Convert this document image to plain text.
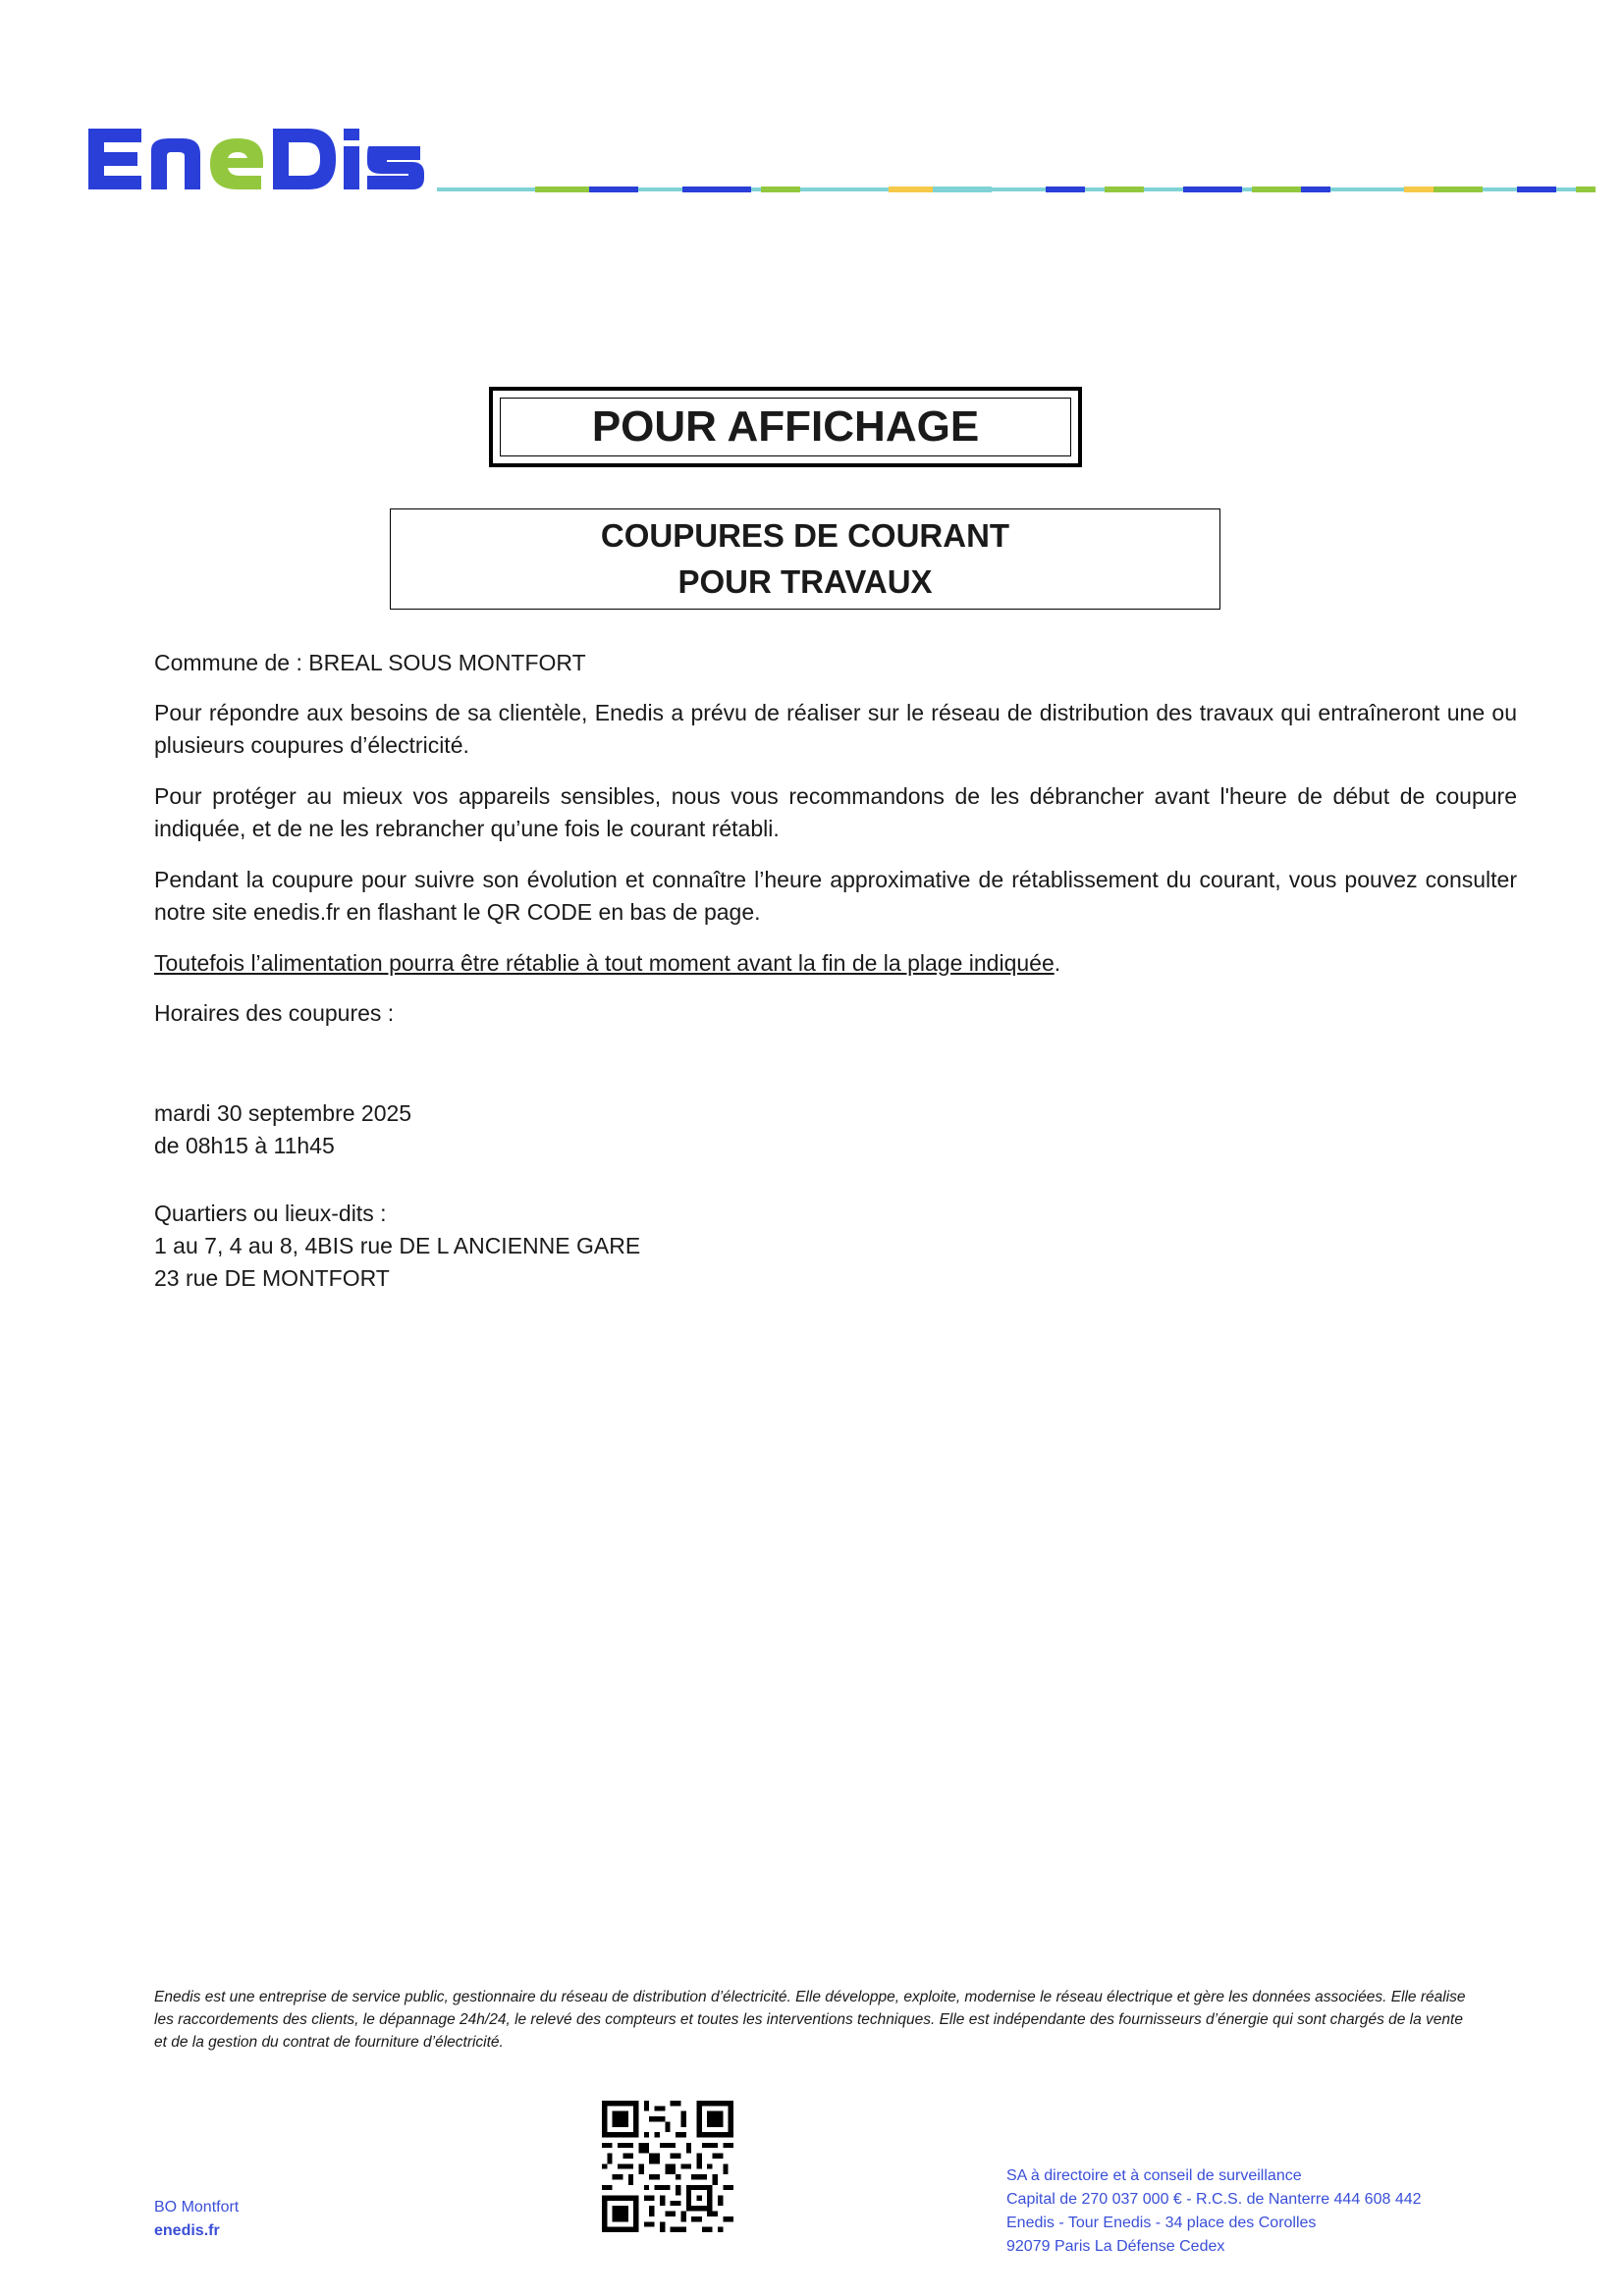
POUR AFFICHAGE
COUPURES DE COURANT
POUR TRAVAUX
Commune de : BREAL SOUS MONTFORT
Pour répondre aux besoins de sa clientèle, Enedis a prévu de réaliser sur le réseau de distribution des travaux qui entraîneront une ou plusieurs coupures d’électricité.
Pour protéger au mieux vos appareils sensibles, nous vous recommandons de les débrancher avant l'heure de début de coupure indiquée, et de ne les rebrancher qu’une fois le courant rétabli.
Pendant la coupure pour suivre son évolution et connaître l’heure approximative de rétablissement du courant, vous pouvez consulter notre site enedis.fr en flashant le QR CODE en bas de page.
Toutefois l’alimentation pourra être rétablie à tout moment avant la fin de la plage indiquée.
Horaires des coupures :
mardi 30 septembre 2025
de 08h15 à 11h45
Quartiers ou lieux-dits :
1 au 7, 4 au 8, 4BIS rue DE L ANCIENNE GARE
23 rue DE MONTFORT
Enedis est une entreprise de service public, gestionnaire du réseau de distribution d’électricité. Elle développe, exploite, modernise le réseau électrique et gère les données associées. Elle réalise les raccordements des clients, le dépannage 24h/24, le relevé des compteurs et toutes les interventions techniques. Elle est indépendante des fournisseurs d’énergie qui sont chargés de la vente et de la gestion du contrat de fourniture d’électricité.
BO Montfort
enedis.fr
SA à directoire et à conseil de surveillance
Capital de 270 037 000 € - R.C.S. de Nanterre 444 608 442
Enedis - Tour Enedis - 34 place des Corolles
92079 Paris La Défense Cedex
